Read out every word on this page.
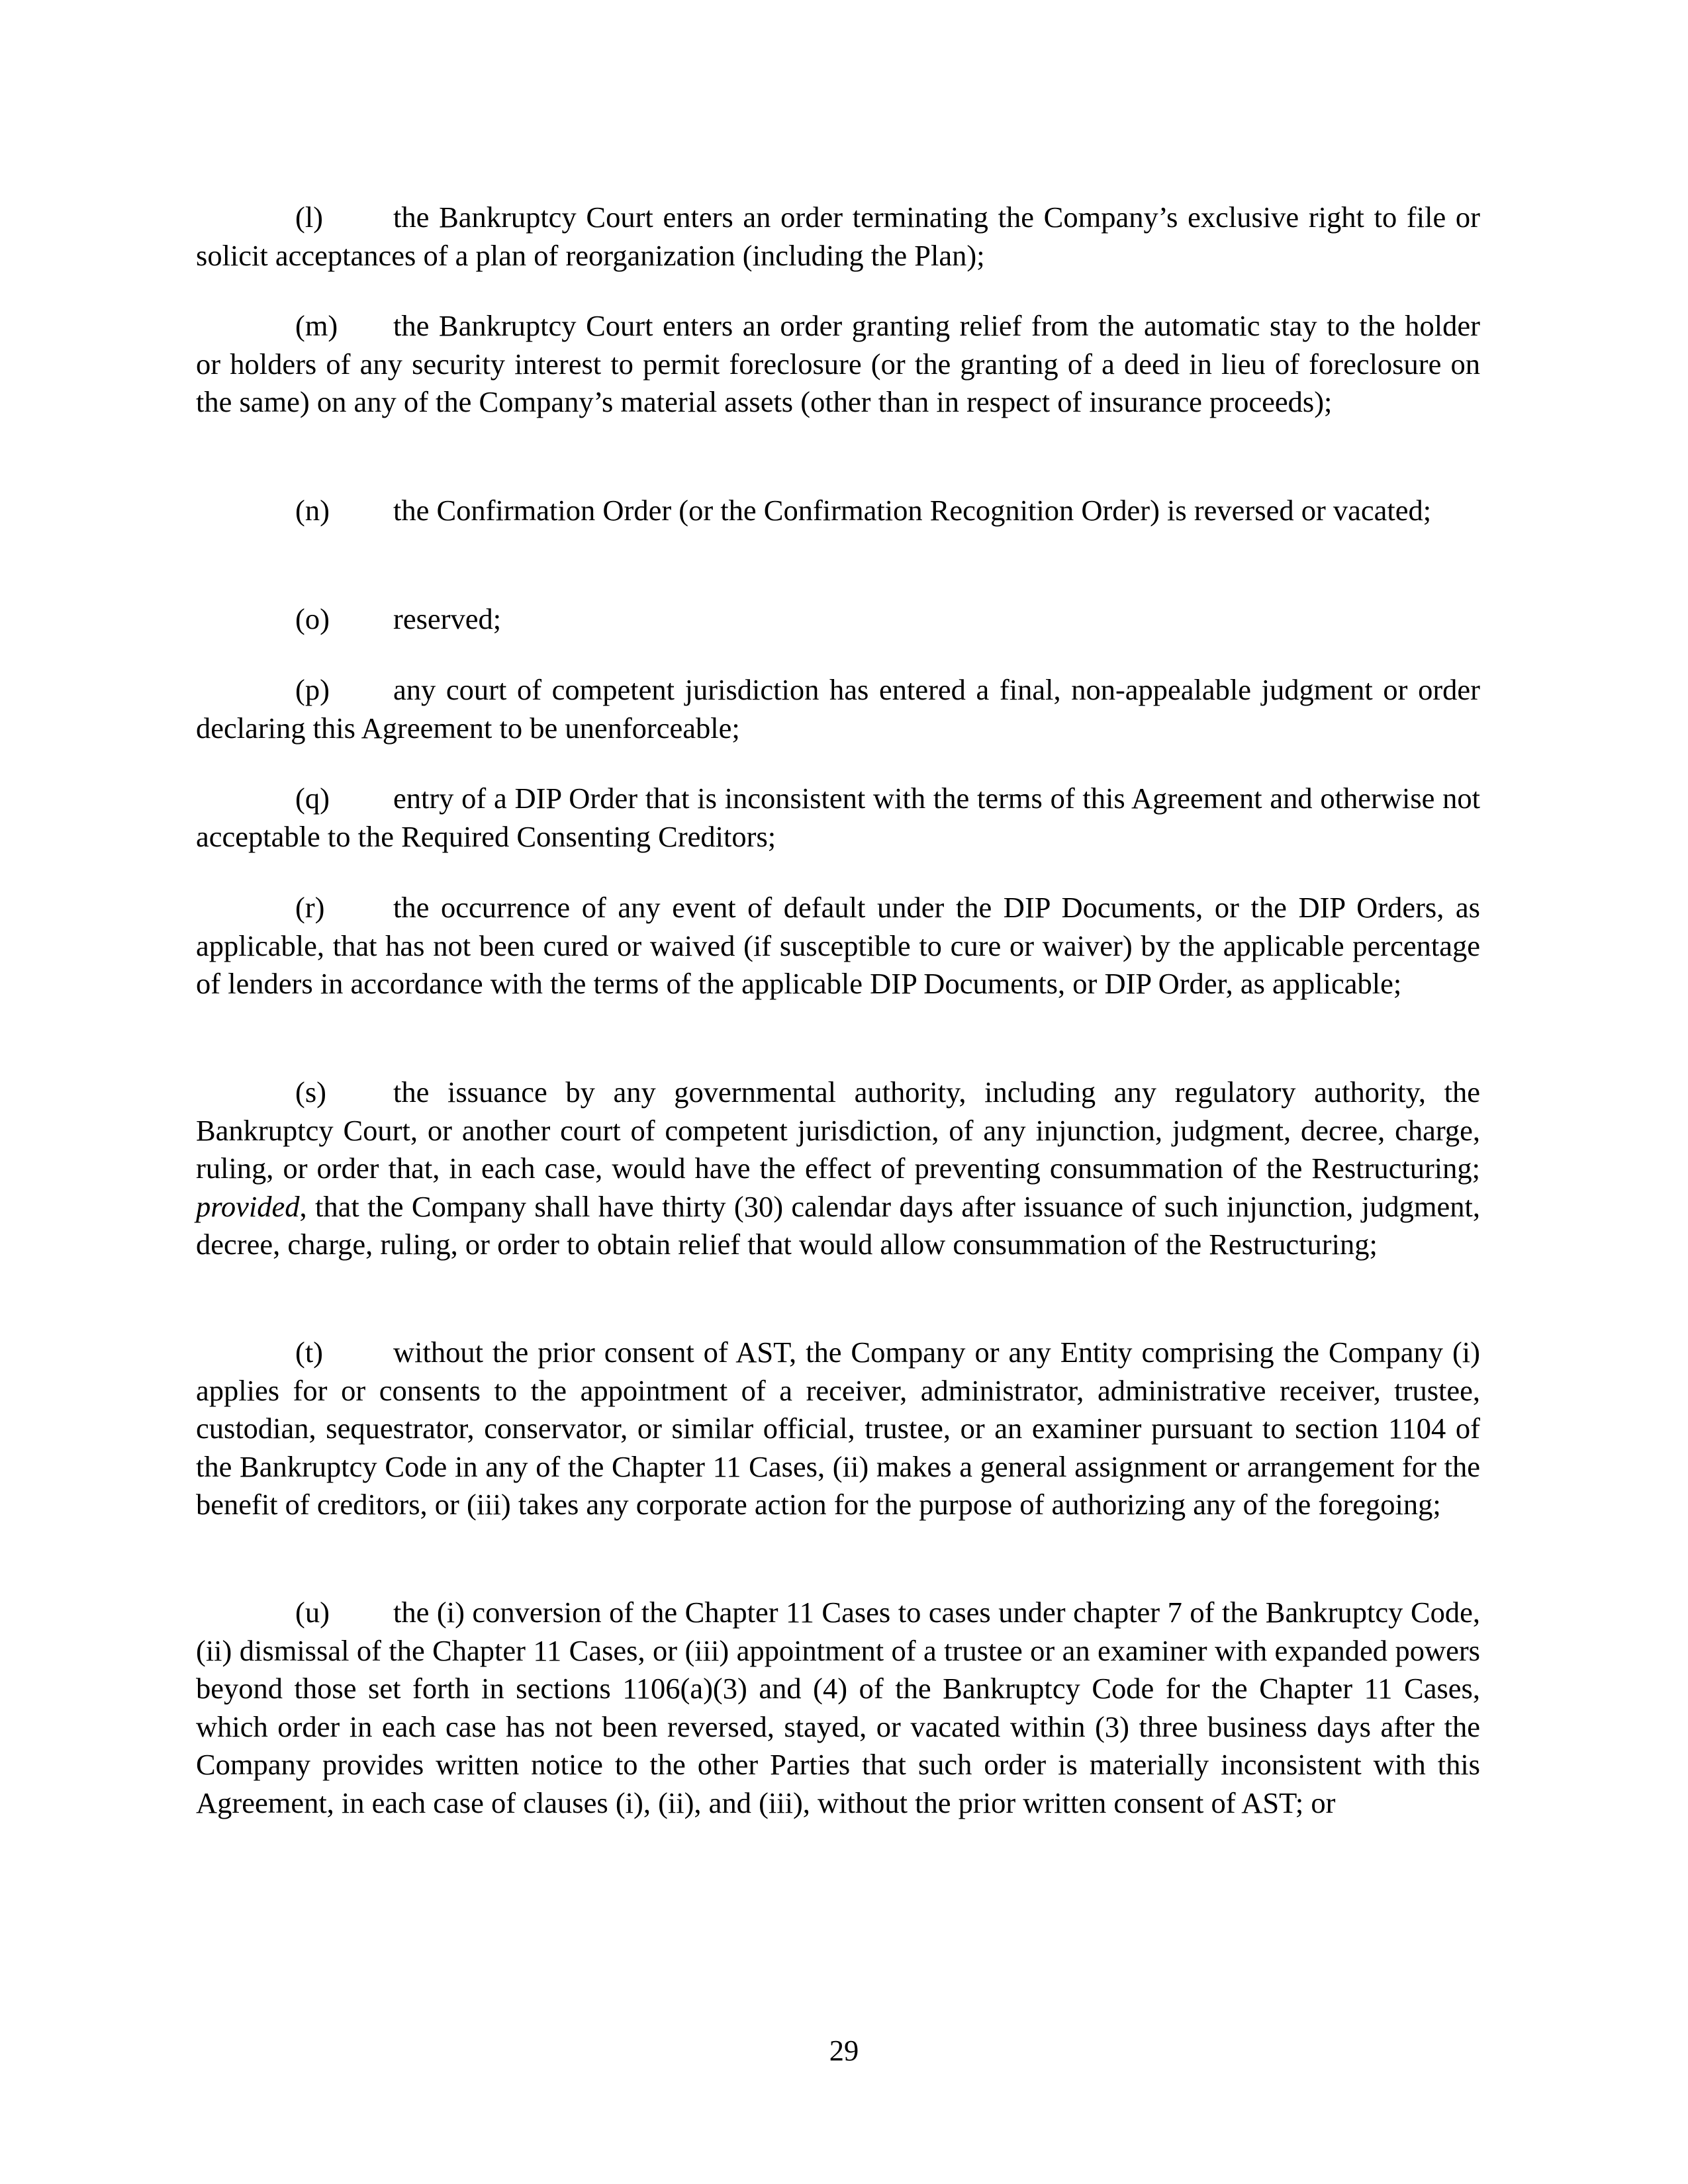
(l) the Bankruptcy Court enters an order terminating the Company’s exclusive right to file or solicit acceptances of a plan of reorganization (including the Plan);

(m) the Bankruptcy Court enters an order granting relief from the automatic stay to the holder or holders of any security interest to permit foreclosure (or the granting of a deed in lieu of foreclosure on the same) on any of the Company’s material assets (other than in respect of insurance proceeds);

(n) the Confirmation Order (or the Confirmation Recognition Order) is reversed or vacated;

(o) reserved;

(p) any court of competent jurisdiction has entered a final, non-appealable judgment or order declaring this Agreement to be unenforceable;

(q) entry of a DIP Order that is inconsistent with the terms of this Agreement and otherwise not acceptable to the Required Consenting Creditors;

(r) the occurrence of any event of default under the DIP Documents, or the DIP Orders, as applicable, that has not been cured or waived (if susceptible to cure or waiver) by the applicable percentage of lenders in accordance with the terms of the applicable DIP Documents, or DIP Order, as applicable;

(s) the issuance by any governmental authority, including any regulatory authority, the Bankruptcy Court, or another court of competent jurisdiction, of any injunction, judgment, decree, charge, ruling, or order that, in each case, would have the effect of preventing consummation of the Restructuring; provided, that the Company shall have thirty (30) calendar days after issuance of such injunction, judgment, decree, charge, ruling, or order to obtain relief that would allow consummation of the Restructuring;

(t) without the prior consent of AST, the Company or any Entity comprising the Company (i) applies for or consents to the appointment of a receiver, administrator, administrative receiver, trustee, custodian, sequestrator, conservator, or similar official, trustee, or an examiner pursuant to section 1104 of the Bankruptcy Code in any of the Chapter 11 Cases, (ii) makes a general assignment or arrangement for the benefit of creditors, or (iii) takes any corporate action for the purpose of authorizing any of the foregoing;

(u) the (i) conversion of the Chapter 11 Cases to cases under chapter 7 of the Bankruptcy Code, (ii) dismissal of the Chapter 11 Cases, or (iii) appointment of a trustee or an examiner with expanded powers beyond those set forth in sections 1106(a)(3) and (4) of the Bankruptcy Code for the Chapter 11 Cases, which order in each case has not been reversed, stayed, or vacated within (3) three business days after the Company provides written notice to the other Parties that such order is materially inconsistent with this Agreement, in each case of clauses (i), (ii), and (iii), without the prior written consent of AST; or

29
